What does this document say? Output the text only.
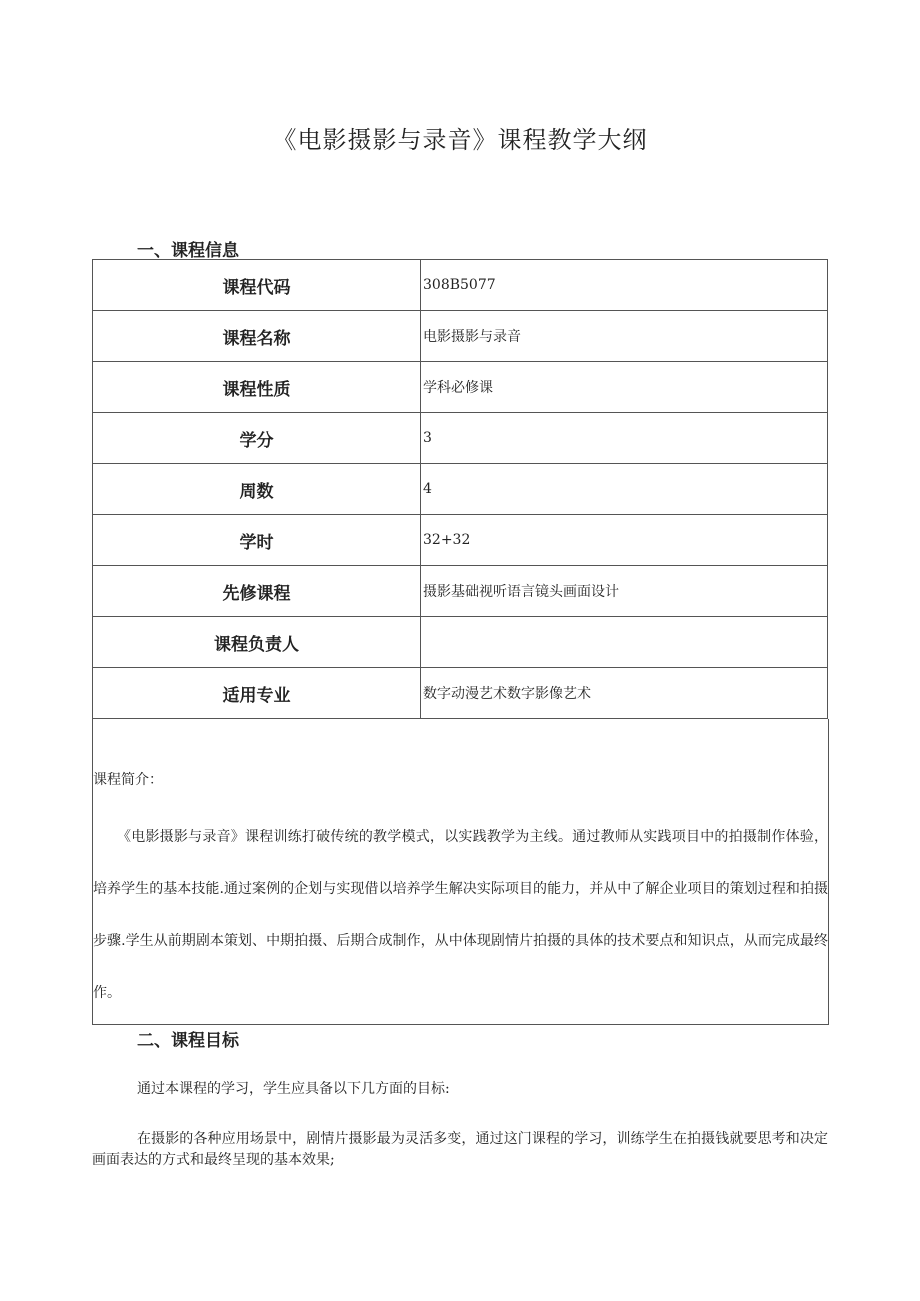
《电影摄影与录音》课程教学大纲
一、课程信息
课程代码	308B5077
课程名称	电影摄影与录音
课程性质	学科必修课
学分	3
周数	4
学时	32+32
先修课程	摄影基础视听语言镜头画面设计
课程负责人	
适用专业	数字动漫艺术数字影像艺术
课程简介：
《电影摄影与录音》课程训练打破传统的教学模式，以实践教学为主线。通过教师从实践项目中的拍摄制作体验，培养学生的基本技能.通过案例的企划与实现借以培养学生解决实际项目的能力，并从中了解企业项目的策划过程和拍摄步骤.学生从前期剧本策划、中期拍摄、后期合成制作，从中体现剧情片拍摄的具体的技术要点和知识点，从而完成最终作。
二、课程目标
通过本课程的学习，学生应具备以下几方面的目标:
在摄影的各种应用场景中，剧情片摄影最为灵活多变，通过这门课程的学习，训练学生在拍摄钱就要思考和决定画面表达的方式和最终呈现的基本效果;
